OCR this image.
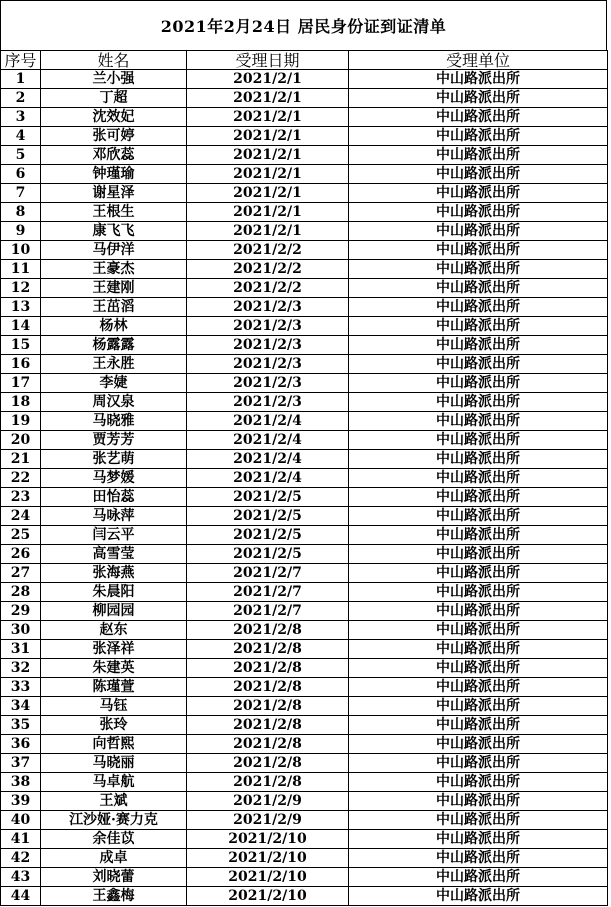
2021年2月24日 居民身份证到证清单
序号	姓名	受理日期	受理单位
1	兰小强	2021/2/1	中山路派出所
2	丁超	2021/2/1	中山路派出所
3	沈效妃	2021/2/1	中山路派出所
4	张可婷	2021/2/1	中山路派出所
5	邓欣蕊	2021/2/1	中山路派出所
6	钟瑾瑜	2021/2/1	中山路派出所
7	谢星泽	2021/2/1	中山路派出所
8	王根生	2021/2/1	中山路派出所
9	康飞飞	2021/2/1	中山路派出所
10	马伊洋	2021/2/2	中山路派出所
11	王豪杰	2021/2/2	中山路派出所
12	王建刚	2021/2/2	中山路派出所
13	王茁滔	2021/2/3	中山路派出所
14	杨林	2021/2/3	中山路派出所
15	杨露露	2021/2/3	中山路派出所
16	王永胜	2021/2/3	中山路派出所
17	李婕	2021/2/3	中山路派出所
18	周汉泉	2021/2/3	中山路派出所
19	马晓雅	2021/2/4	中山路派出所
20	贾芳芳	2021/2/4	中山路派出所
21	张艺萌	2021/2/4	中山路派出所
22	马梦媛	2021/2/4	中山路派出所
23	田怡蕊	2021/2/5	中山路派出所
24	马咏萍	2021/2/5	中山路派出所
25	闫云平	2021/2/5	中山路派出所
26	高雪莹	2021/2/5	中山路派出所
27	张海燕	2021/2/7	中山路派出所
28	朱晨阳	2021/2/7	中山路派出所
29	柳园园	2021/2/7	中山路派出所
30	赵东	2021/2/8	中山路派出所
31	张泽祥	2021/2/8	中山路派出所
32	朱建英	2021/2/8	中山路派出所
33	陈瑾萱	2021/2/8	中山路派出所
34	马钰	2021/2/8	中山路派出所
35	张玲	2021/2/8	中山路派出所
36	向哲熙	2021/2/8	中山路派出所
37	马晓丽	2021/2/8	中山路派出所
38	马卓航	2021/2/8	中山路派出所
39	王斌	2021/2/9	中山路派出所
40	江沙娅·赛力克	2021/2/9	中山路派出所
41	余佳苡	2021/2/10	中山路派出所
42	成卓	2021/2/10	中山路派出所
43	刘晓蕾	2021/2/10	中山路派出所
44	王鑫梅	2021/2/10	中山路派出所
